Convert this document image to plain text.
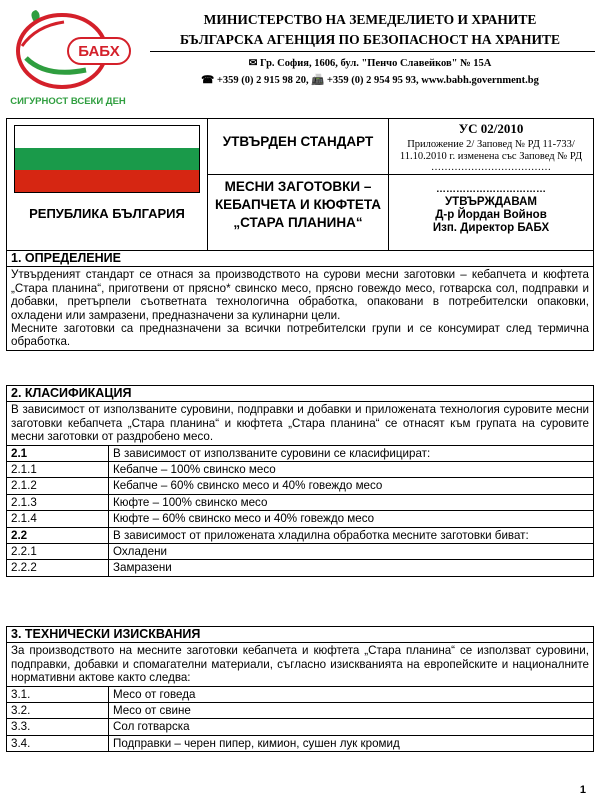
БАБХ
СИГУРНОСТ ВСЕКИ ДЕН
МИНИСТЕРСТВО НА ЗЕМЕДЕЛИЕТО И ХРАНИТЕ
БЪЛГАРСКА АГЕНЦИЯ ПО БЕЗОПАСНОСТ НА ХРАНИТЕ
✉ Гр. София, 1606, бул. "Пенчо Славейков" № 15А
☎ +359 (0) 2 915 98 20, 📠 +359 (0) 2 954 95 93, www.babh.government.bg
РЕПУБЛИКА БЪЛГАРИЯ	УТВЪРДЕН СТАНДАРТ	УС 02/2010
Приложение 2/ Заповед № РД 11-733/ 11.10.2010 г. изменена със Заповед № РД
………………………………

	МЕСНИ ЗАГОТОВКИ – КЕБАПЧЕТА И КЮФТЕТА „СТАРА ПЛАНИНА“	……………………………
УТВЪРЖДАВАМ
Д-р Йордан Войнов
Изп. Директор БАБХ
1. ОПРЕДЕЛЕНИЕ

Утвърденият стандарт се отнася за производството на сурови месни заготовки – кебапчета и кюфтета „Стара планина“, приготвени от прясно* свинско месо, прясно говеждо месо, готварска сол, подправки и добавки, претърпели съответната технологична обработка, опаковани в потребителски опаковки, охладени или замразени, предназначени за кулинарни цели.
Месните заготовки са предназначени за всички потребителски групи и се консумират след термична обработка.
2. КЛАСИФИКАЦИЯ	
В зависимост от използваните суровини, подправки и добавки и приложената технология суровите месни заготовки кебапчета „Стара планина“ и кюфтета „Стара планина“ се отнасят към групата на суровите месни заготовки от раздробено месо.	
2.1	В зависимост от използваните суровини се класифицират:
2.1.1	Кебапче – 100% свинско месо
2.1.2	Кебапче – 60% свинско месо и 40% говеждо месо
2.1.3	Кюфте – 100% свинско месо
2.1.4	Кюфте – 60% свинско месо и 40% говеждо месо
2.2	В зависимост от приложената хладилна обработка месните заготовки биват:
2.2.1	Охладени
2.2.2	Замразени
3. ТЕХНИЧЕСКИ ИЗИСКВАНИЯ	
За производството на месните заготовки кебапчета и кюфтета „Стара планина“ се използват суровини, подправки, добавки и спомагателни материали, съгласно изискванията на европейските и националните нормативни актове както следва:	
3.1.	Месо от говеда
3.2.	Месо от свине
3.3.	Сол готварска
3.4.	Подправки – черен пипер, кимион, сушен лук кромид
1
